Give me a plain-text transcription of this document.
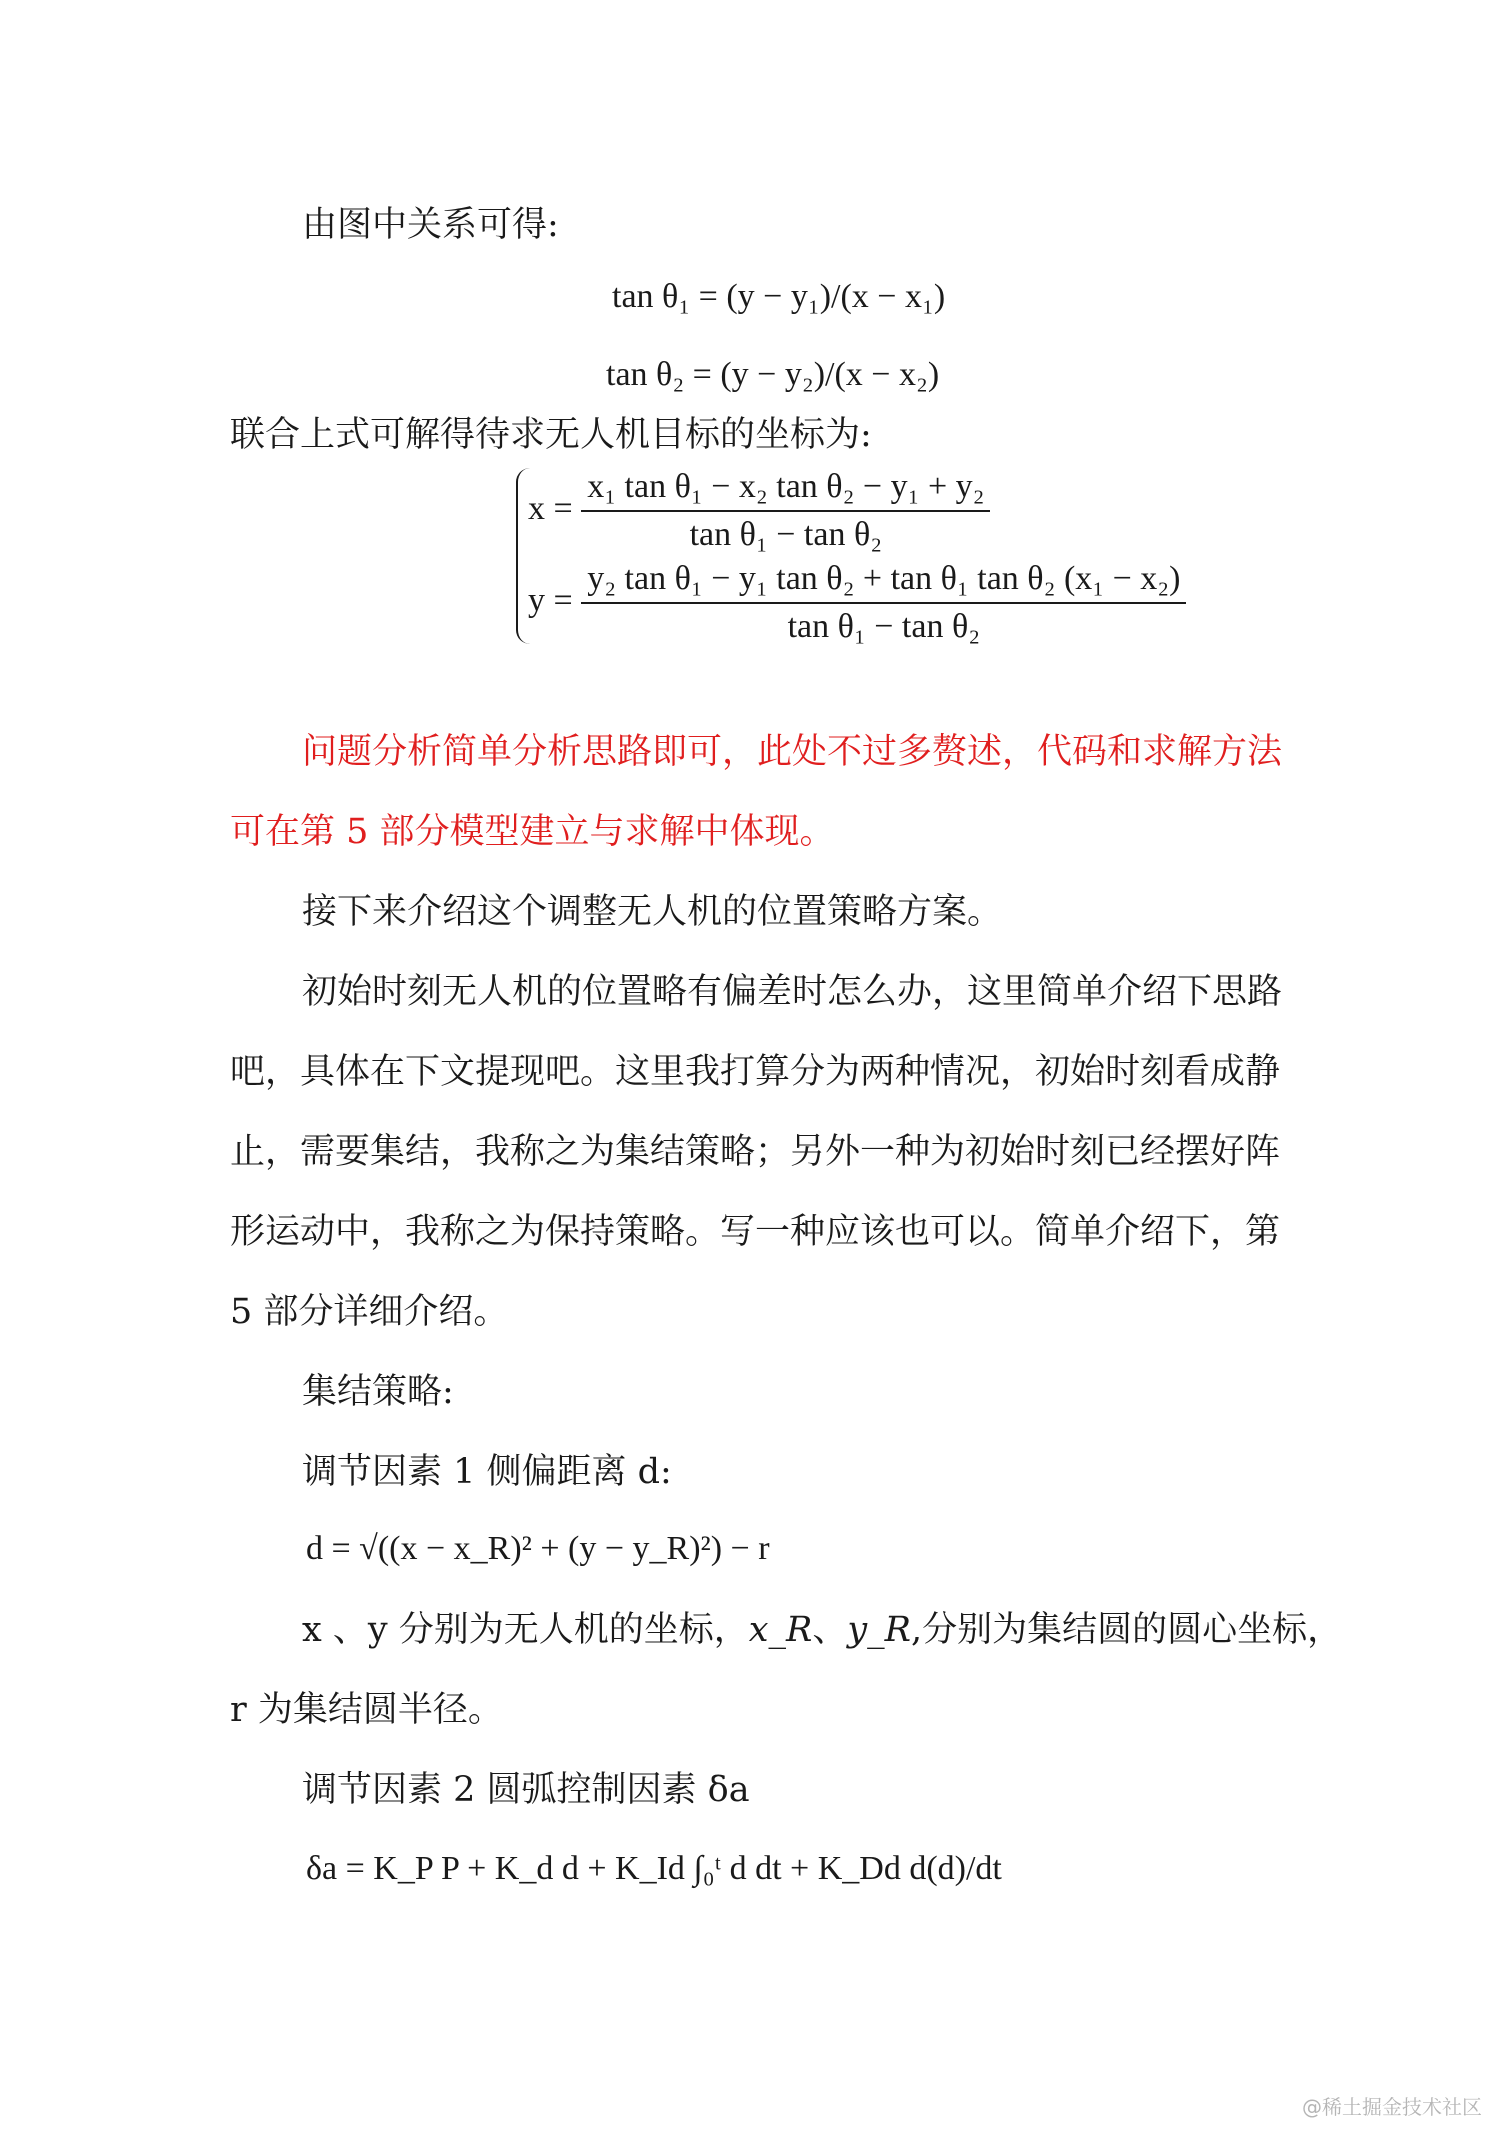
由图中关系可得:
tan θ₁ = (y − y₁)/(x − x₁)
tan θ₂ = (y − y₂)/(x − x₂)
联合上式可解得待求无人机目标的坐标为:
$x = \frac{\text{x₁ tan θ₁ − x₂ tan θ₂ − y₁ + y₂}}{\text{tan θ₁ − tan θ₂}}$
$y = \frac{\text{y₂ tan θ₁ − y₁ tan θ₂ + tan θ₁ tan θ₂ (x₁ − x₂)}}{\text{tan θ₁ − tan θ₂}}$
问题分析简单分析思路即可，此处不过多赘述，代码和求解方法
可在第 5 部分模型建立与求解中体现。
接下来介绍这个调整无人机的位置策略方案。
初始时刻无人机的位置略有偏差时怎么办，这里简单介绍下思路
吧，具体在下文提现吧。这里我打算分为两种情况，初始时刻看成静
止，需要集结，我称之为集结策略；另外一种为初始时刻已经摆好阵
形运动中，我称之为保持策略。写一种应该也可以。简单介绍下，第
5 部分详细介绍。
集结策略:
调节因素 1 侧偏距离 d:
d = √((x − x_R)² + (y − y_R)²) − r
x 、y 分别为无人机的坐标，x_R、y_R,分别为集结圆的圆心坐标，
r 为集结圆半径。
调节因素 2 圆弧控制因素 δa
δa = K_P P + K_d d + K_Id ∫₀ᵗ d dt + K_Dd d(d)/dt
@稀土掘金技术社区
